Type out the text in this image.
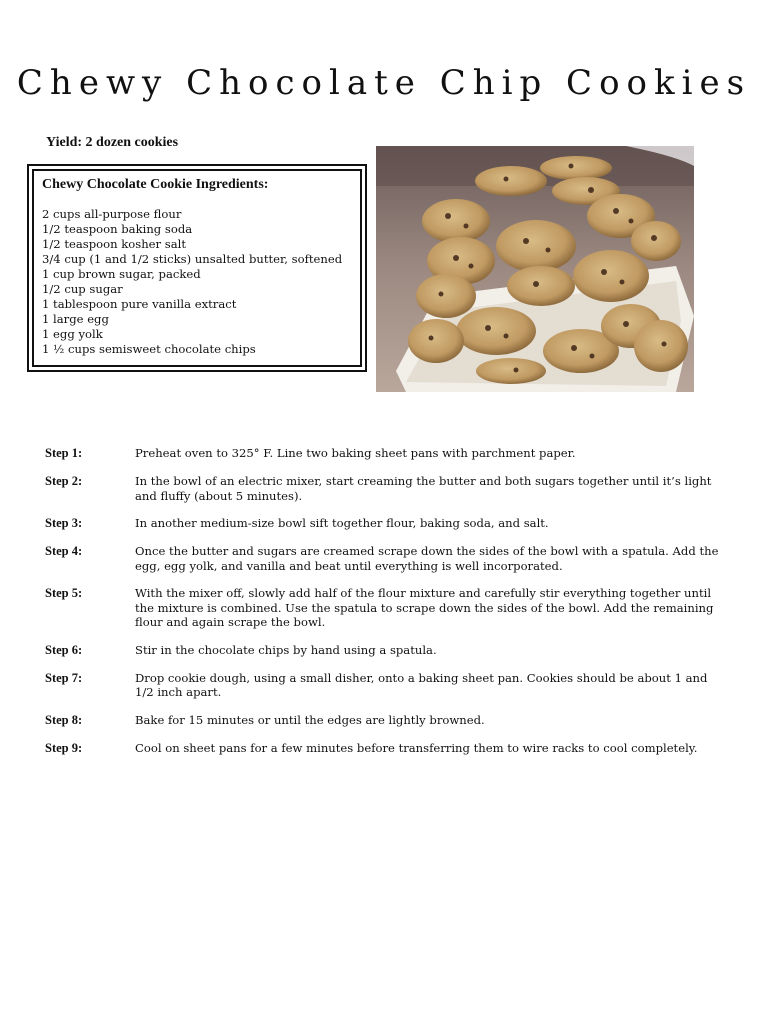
Chewy Chocolate Chip Cookies
Yield: 2 dozen cookies
Chewy Chocolate Cookie Ingredients:
2 cups all-purpose flour
1/2 teaspoon baking soda
1/2 teaspoon kosher salt
3/4 cup (1 and 1/2 sticks) unsalted butter, softened
1 cup brown sugar, packed
1/2 cup sugar
1 tablespoon pure vanilla extract
1 large egg
1 egg yolk
1 ½ cups semisweet chocolate chips
Step 1:	Preheat oven to 325° F. Line two baking sheet pans with parchment paper.
Step 2:	In the bowl of an electric mixer, start creaming the butter and both sugars together until it’s light and fluffy (about 5 minutes).
Step 3:	In another medium-size bowl sift together flour, baking soda, and salt.
Step 4:	Once the butter and sugars are creamed scrape down the sides of the bowl with a spatula. Add the egg, egg yolk, and vanilla and beat until everything is well incorporated.
Step 5:	With the mixer off, slowly add half of the flour mixture and carefully stir everything together until the mixture is combined. Use the spatula to scrape down the sides of the bowl. Add the remaining flour and again scrape the bowl.
Step 6:	Stir in the chocolate chips by hand using a spatula.
Step 7:	Drop cookie dough, using a small disher, onto a baking sheet pan. Cookies should be about 1 and 1/2 inch apart.
Step 8:	Bake for 15 minutes or until the edges are lightly browned.
Step 9:	Cool on sheet pans for a few minutes before transferring them to wire racks to cool completely.
